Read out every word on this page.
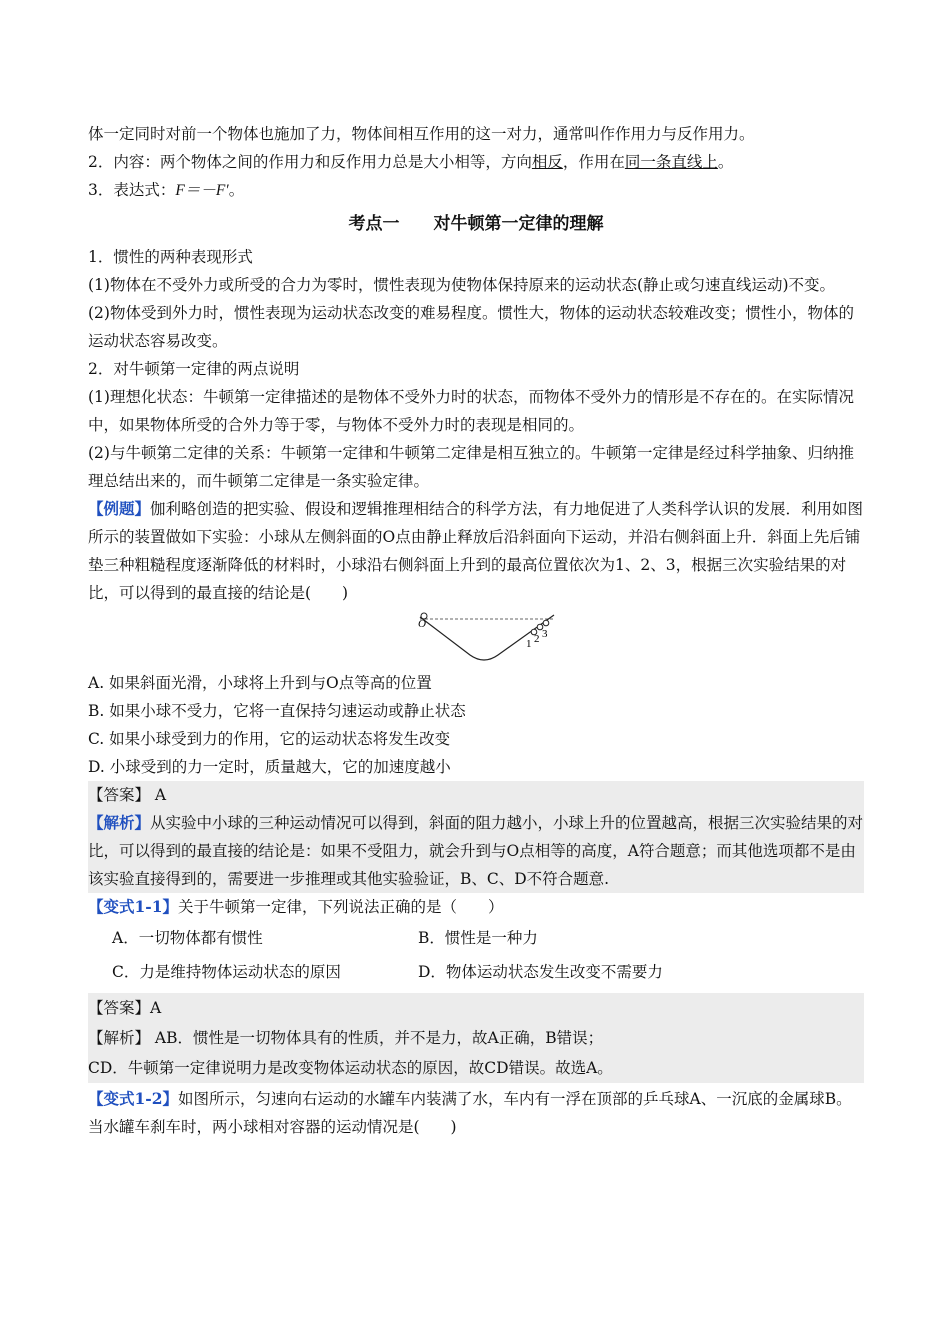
体一定同时对前一个物体也施加了力，物体间相互作用的这一对力，通常叫作作用力与反作用力。
2．内容：两个物体之间的作用力和反作用力总是大小相等，方向相反，作用在同一条直线上。
3．表达式：F＝－F′。
考点一 对牛顿第一定律的理解
1．惯性的两种表现形式
(1)物体在不受外力或所受的合力为零时，惯性表现为使物体保持原来的运动状态(静止或匀速直线运动)不变。
(2)物体受到外力时，惯性表现为运动状态改变的难易程度。惯性大，物体的运动状态较难改变；惯性小，物体的运动状态容易改变。
2．对牛顿第一定律的两点说明
(1)理想化状态：牛顿第一定律描述的是物体不受外力时的状态，而物体不受外力的情形是不存在的。在实际情况中，如果物体所受的合外力等于零，与物体不受外力时的表现是相同的。
(2)与牛顿第二定律的关系：牛顿第一定律和牛顿第二定律是相互独立的。牛顿第一定律是经过科学抽象、归纳推理总结出来的，而牛顿第二定律是一条实验定律。
【例题】伽利略创造的把实验、假设和逻辑推理相结合的科学方法，有力地促进了人类科学认识的发展．利用如图所示的装置做如下实验：小球从左侧斜面的O点由静止释放后沿斜面向下运动，并沿右侧斜面上升．斜面上先后铺垫三种粗糙程度逐渐降低的材料时，小球沿右侧斜面上升到的最高位置依次为1、2、3，根据三次实验结果的对比，可以得到的最直接的结论是(　　)
O
1 2 3
A. 如果斜面光滑，小球将上升到与O点等高的位置
B. 如果小球不受力，它将一直保持匀速运动或静止状态
C. 如果小球受到力的作用，它的运动状态将发生改变
D. 小球受到的力一定时，质量越大，它的加速度越小
【答案】 A
【解析】从实验中小球的三种运动情况可以得到，斜面的阻力越小，小球上升的位置越高，根据三次实验结果的对比，可以得到的最直接的结论是：如果不受阻力，就会升到与O点相等的高度，A符合题意；而其他选项都不是由该实验直接得到的，需要进一步推理或其他实验验证，B、C、D不符合题意.
【变式1-1】关于牛顿第一定律，下列说法正确的是（　　）
A．一切物体都有惯性	B．惯性是一种力
C．力是维持物体运动状态的原因	D．物体运动状态发生改变不需要力
【答案】A
【解析】 AB．惯性是一切物体具有的性质，并不是力，故A正确，B错误；
CD．牛顿第一定律说明力是改变物体运动状态的原因，故CD错误。故选A。
【变式1-2】如图所示，匀速向右运动的水罐车内装满了水，车内有一浮在顶部的乒乓球A、一沉底的金属球B。当水罐车刹车时，两小球相对容器的运动情况是(　　)
